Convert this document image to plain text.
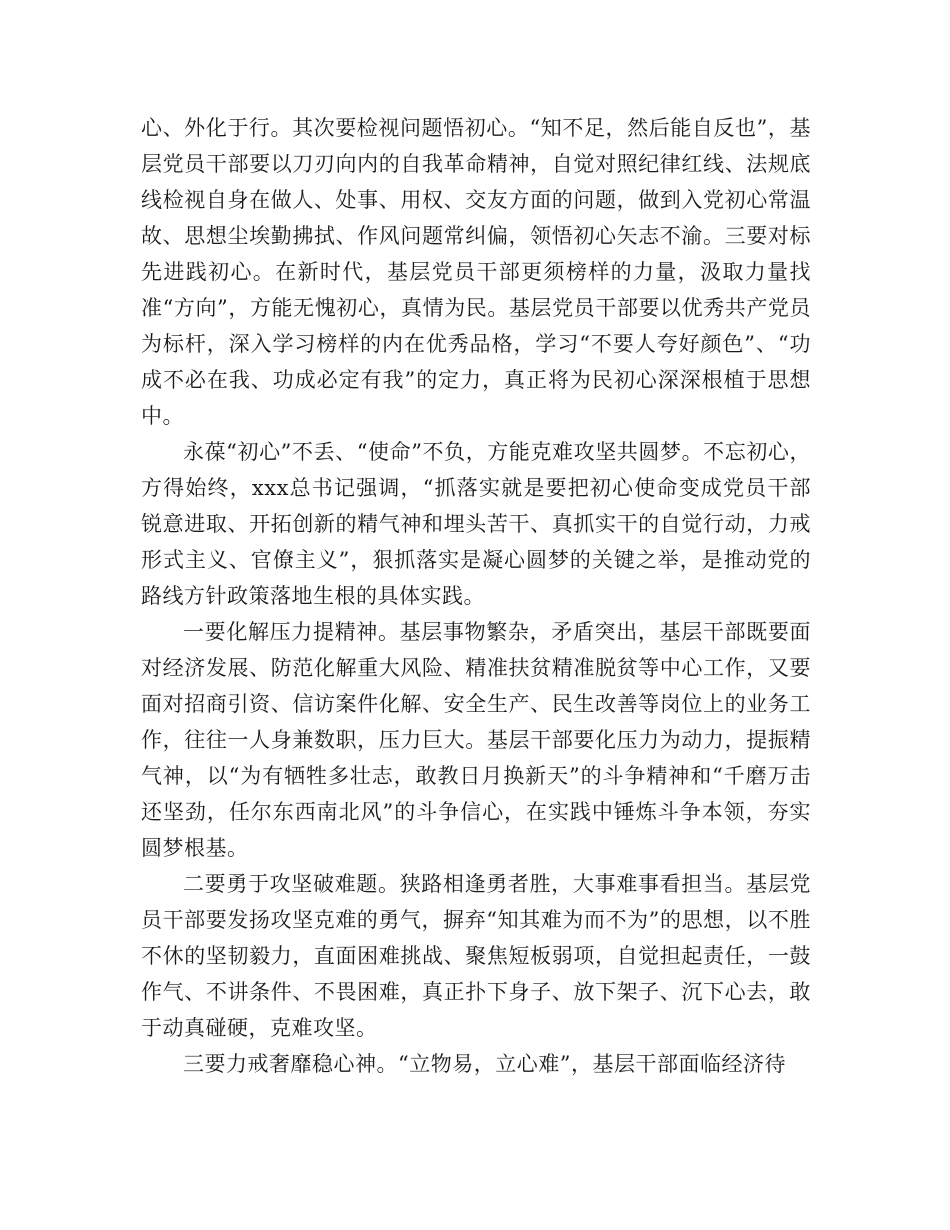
心、外化于行。其次要检视问题悟初心。“知不足，然后能自反也”，基层党员干部要以刀刃向内的自我革命精神，自觉对照纪律红线、法规底线检视自身在做人、处事、用权、交友方面的问题，做到入党初心常温故、思想尘埃勤拂拭、作风问题常纠偏，领悟初心矢志不渝。三要对标先进践初心。在新时代，基层党员干部更须榜样的力量，汲取力量找准“方向”，方能无愧初心，真情为民。基层党员干部要以优秀共产党员为标杆，深入学习榜样的内在优秀品格，学习“不要人夸好颜色”、“功成不必在我、功成必定有我”的定力，真正将为民初心深深根植于思想中。

永葆“初心”不丢、“使命”不负，方能克难攻坚共圆梦。不忘初心，方得始终，xxx总书记强调，“抓落实就是要把初心使命变成党员干部锐意进取、开拓创新的精气神和埋头苦干、真抓实干的自觉行动，力戒形式主义、官僚主义”，狠抓落实是凝心圆梦的关键之举，是推动党的路线方针政策落地生根的具体实践。

一要化解压力提精神。基层事物繁杂，矛盾突出，基层干部既要面对经济发展、防范化解重大风险、精准扶贫精准脱贫等中心工作，又要面对招商引资、信访案件化解、安全生产、民生改善等岗位上的业务工作，往往一人身兼数职，压力巨大。基层干部要化压力为动力，提振精气神，以“为有牺牲多壮志，敢教日月换新天”的斗争精神和“千磨万击还坚劲，任尔东西南北风”的斗争信心，在实践中锤炼斗争本领，夯实圆梦根基。

二要勇于攻坚破难题。狭路相逢勇者胜，大事难事看担当。基层党员干部要发扬攻坚克难的勇气，摒弃“知其难为而不为”的思想，以不胜不休的坚韧毅力，直面困难挑战、聚焦短板弱项，自觉担起责任，一鼓作气、不讲条件、不畏困难，真正扑下身子、放下架子、沉下心去，敢于动真碰硬，克难攻坚。

三要力戒奢靡稳心神。“立物易，立心难”，基层干部面临经济待
